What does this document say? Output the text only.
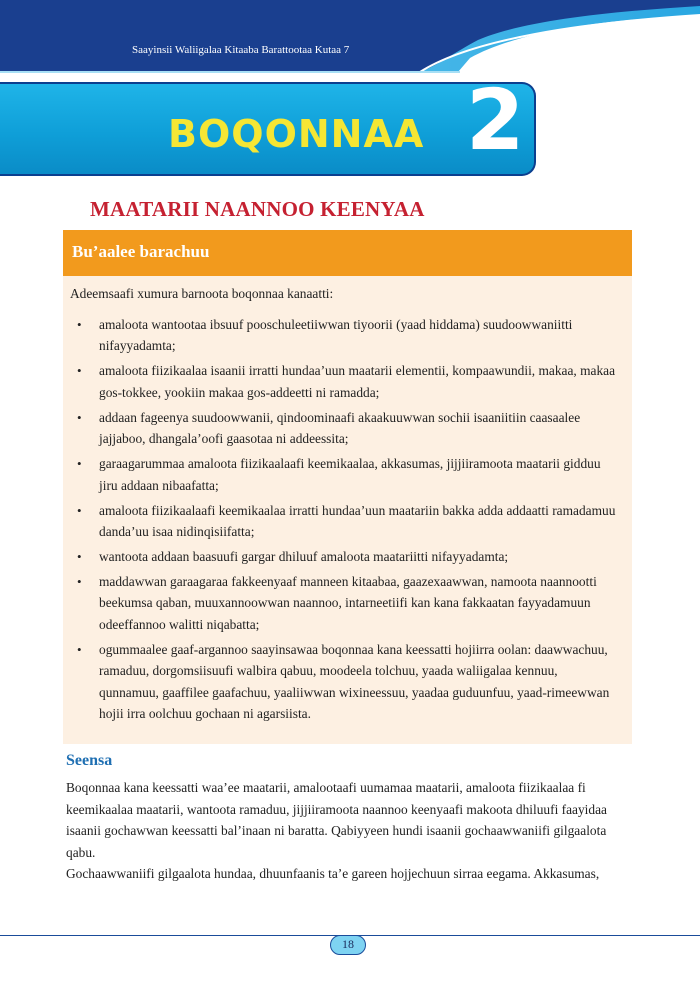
Saayinsii Waliigalaa Kitaaba Barattootaa Kutaa 7
BOQONNAA 2
MAATARII NAANNOO KEENYAA
Bu’aalee barachuu
Adeemsaafi xumura barnoota boqonnaa kanaatti:
• amaloota wantootaa ibsuuf pooschuleetiiwwan tiyoorii (yaad hiddama) suudoowwaniitti nifayyadamta;
• amaloota fiizikaalaa isaanii irratti hundaa’uun maatarii elementii, kompaawundii, makaa, makaa gos-tokkee, yookiin makaa gos-addeetti ni ramadda;
• addaan fageenya suudoowwanii, qindoominaafi akaakuuwwan sochii isaaniitiin caasaalee jajjaboo, dhangala’oofi gaasotaa ni addeessita;
• garaagarummaa amaloota fiizikaalaafi keemikaalaa, akkasumas, jijjiiramoota maatarii gidduu jiru addaan nibaafatta;
• amaloota fiizikaalaafi keemikaalaa irratti hundaa’uun maatariin bakka adda addaatti ramadamuu danda’uu isaa nidinqisiifatta;
• wantoota addaan baasuufi gargar dhiluuf amaloota maatariitti nifayyadamta;
• maddawwan garaagaraa fakkeenyaaf manneen kitaabaa, gaazexaawwan, namoota naannootti beekumsa qaban, muuxannoowwan naannoo, intarneetiifi kan kana fakkaatan fayyadamuun odeeffannoo walitti niqabatta;
• ogummaalee gaaf-argannoo saayinsawaa boqonnaa kana keessatti hojiirra oolan: daawwachuu, ramaduu, dorgomsiisuufi walbira qabuu, moodeela tolchuu, yaada waliigalaa kennuu, qunnamuu, gaaffilee gaafachuu, yaaliiwwan wixineessuu, yaadaa guduunfuu, yaad-rimeewwan hojii irra oolchuu gochaan ni agarsiista.
Seensa

Boqonnaa kana keessatti waa’ee maatarii, amalootaafi uumamaa maatarii, amaloota fiizikaalaa fi keemikaalaa maatarii, wantoota ramaduu, jijjiiramoota naannoo keenyaafi makoota dhiluufi faayidaa isaanii gochawwan keessatti bal’inaan ni baratta. Qabiyyeen hundi isaanii gochaawwaniifi gilgaalota qabu.

Gochaawwaniifi gilgaalota hundaa, dhuunfaanis ta’e gareen hojjechuun sirraa eegama. Akkasumas,

18
